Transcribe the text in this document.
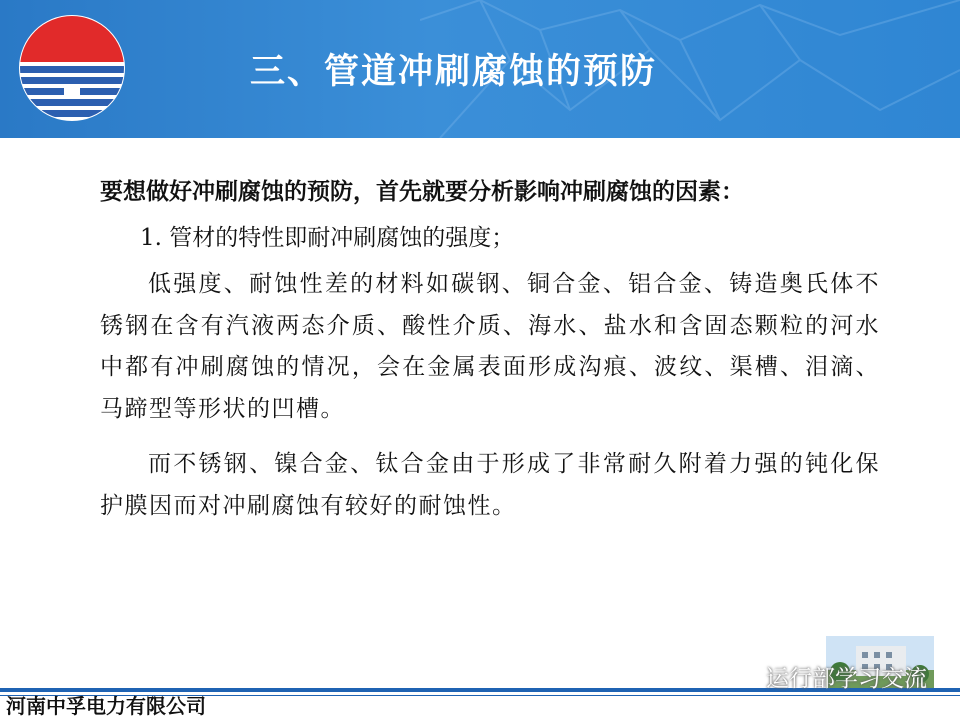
三、管道冲刷腐蚀的预防
要想做好冲刷腐蚀的预防，首先就要分析影响冲刷腐蚀的因素：
1. 管材的特性即耐冲刷腐蚀的强度；

低强度、耐蚀性差的材料如碳钢、铜合金、铝合金、铸造奥氏体不锈钢在含有汽液两态介质、酸性介质、海水、盐水和含固态颗粒的河水中都有冲刷腐蚀的情况，会在金属表面形成沟痕、波纹、渠槽、泪滴、马蹄型等形状的凹槽。

而不锈钢、镍合金、钛合金由于形成了非常耐久附着力强的钝化保护膜因而对冲刷腐蚀有较好的耐蚀性。

河南中孚电力有限公司
运行部学习交流
